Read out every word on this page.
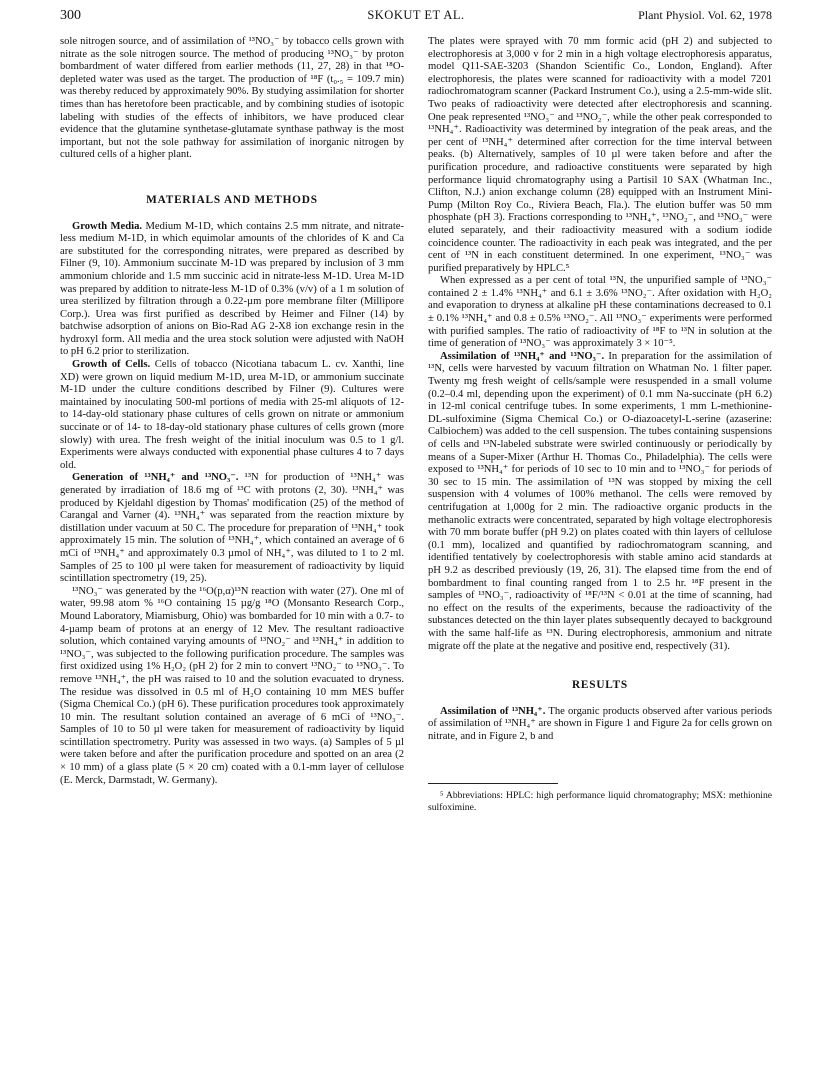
300	SKOKUT ET AL.	Plant Physiol. Vol. 62, 1978

sole nitrogen source, and of assimilation of ¹³NO₃⁻ by tobacco cells grown with nitrate as the sole nitrogen source. The method of producing ¹³NO₃⁻ by proton bombardment of water differed from earlier methods (11, 27, 28) in that ¹⁸O-depleted water was used as the target. The production of ¹⁸F (t₀.₅ = 109.7 min) was thereby reduced by approximately 90%. By studying assimilation for shorter times than has heretofore been practicable, and by combining studies of isotopic labeling with studies of the effects of inhibitors, we have produced clear evidence that the glutamine synthetase-glutamate synthase pathway is the most important, but not the sole pathway for assimilation of inorganic nitrogen by cultured cells of a higher plant.

MATERIALS AND METHODS

Growth Media. Medium M-1D, which contains 2.5 mm nitrate, and nitrate-less medium M-1D, in which equimolar amounts of the chlorides of K and Ca are substituted for the corresponding nitrates, were prepared as described by Filner (9, 10). Ammonium succinate M-1D was prepared by inclusion of 3 mm ammonium chloride and 1.5 mm succinic acid in nitrate-less M-1D. Urea M-1D was prepared by addition to nitrate-less M-1D of 0.3% (v/v) of a 1 m solution of urea sterilized by filtration through a 0.22-µm pore membrane filter (Millipore Corp.). Urea was first purified as described by Heimer and Filner (14) by batchwise adsorption of anions on Bio-Rad AG 2-X8 ion exchange resin in the hydroxyl form. All media and the urea stock solution were adjusted with NaOH to pH 6.2 prior to sterilization.

Growth of Cells. Cells of tobacco (Nicotiana tabacum L. cv. Xanthi, line XD) were grown on liquid medium M-1D, urea M-1D, or ammonium succinate M-1D under the culture conditions described by Filner (9). Cultures were maintained by inoculating 500-ml portions of media with 25-ml aliquots of 12- to 14-day-old stationary phase cultures of cells grown on nitrate or ammonium succinate or of 14- to 18-day-old stationary phase cultures of cells grown (more slowly) with urea. The fresh weight of the initial inoculum was 0.5 to 1 g/l. Experiments were always conducted with exponential phase cultures 4 to 7 days old.

Generation of ¹³NH₄⁺ and ¹³NO₃⁻. ¹³N for production of ¹³NH₄⁺ was generated by irradiation of 18.6 mg of ¹³C with protons (2, 30). ¹³NH₄⁺ was produced by Kjeldahl digestion by Thomas' modification (25) of the method of Carangal and Varner (4). ¹³NH₄⁺ was separated from the reaction mixture by distillation under vacuum at 50 C. The procedure for preparation of ¹³NH₄⁺ took approximately 15 min. The solution of ¹³NH₄⁺, which contained an average of 6 mCi of ¹³NH₄⁺ and approximately 0.3 µmol of NH₄⁺, was diluted to 1 to 2 ml. Samples of 25 to 100 µl were taken for measurement of radioactivity by liquid scintillation spectrometry (19, 25).

¹³NO₃⁻ was generated by the ¹⁶O(p,α)¹³N reaction with water (27). One ml of water, 99.98 atom % ¹⁶O containing 15 µg/g ¹⁸O (Monsanto Research Corp., Mound Laboratory, Miamisburg, Ohio) was bombarded for 10 min with a 0.7- to 4-µamp beam of protons at an energy of 12 Mev. The resultant radioactive solution, which contained varying amounts of ¹³NO₂⁻ and ¹³NH₄⁺ in addition to ¹³NO₃⁻, was subjected to the following purification procedure. The samples was first oxidized using 1% H₂O₂ (pH 2) for 2 min to convert ¹³NO₂⁻ to ¹³NO₃⁻. To remove ¹³NH₄⁺, the pH was raised to 10 and the solution evacuated to dryness. The residue was dissolved in 0.5 ml of H₂O containing 10 mm MES buffer (Sigma Chemical Co.) (pH 6). These purification procedures took approximately 10 min. The resultant solution contained an average of 6 mCi of ¹³NO₃⁻. Samples of 10 to 50 µl were taken for measurement of radioactivity by liquid scintillation spectrometry. Purity was assessed in two ways. (a) Samples of 5 µl were taken before and after the purification procedure and spotted on an area (2 × 10 mm) of a glass plate (5 × 20 cm) coated with a 0.1-mm layer of cellulose (E. Merck, Darmstadt, W. Germany).

The plates were sprayed with 70 mm formic acid (pH 2) and subjected to electrophoresis at 3,000 v for 2 min in a high voltage electrophoresis apparatus, model Q11-SAE-3203 (Shandon Scientific Co., London, England). After electrophoresis, the plates were scanned for radioactivity with a model 7201 radiochromatogram scanner (Packard Instrument Co.), using a 2.5-mm-wide slit. Two peaks of radioactivity were detected after electrophoresis and scanning. One peak represented ¹³NO₃⁻ and ¹³NO₂⁻, while the other peak corresponded to ¹³NH₄⁺. Radioactivity was determined by integration of the peak areas, and the per cent of ¹³NH₄⁺ determined after correction for the time interval between peaks. (b) Alternatively, samples of 10 µl were taken before and after the purification procedure, and radioactive constituents were separated by high performance liquid chromatography using a Partisil 10 SAX (Whatman Inc., Clifton, N.J.) anion exchange column (28) equipped with an Instrument Mini-Pump (Milton Roy Co., Riviera Beach, Fla.). The elution buffer was 50 mm phosphate (pH 3). Fractions corresponding to ¹³NH₄⁺, ¹³NO₂⁻, and ¹³NO₃⁻ were eluted separately, and their radioactivity measured with a sodium iodide coincidence counter. The radioactivity in each peak was integrated, and the per cent of ¹³N in each constituent determined. In one experiment, ¹³NO₃⁻ was purified preparatively by HPLC.⁵

When expressed as a per cent of total ¹³N, the unpurified sample of ¹³NO₃⁻ contained 2 ± 1.4% ¹³NH₄⁺ and 6.1 ± 3.6% ¹³NO₂⁻. After oxidation with H₂O₂ and evaporation to dryness at alkaline pH these contaminations decreased to 0.1 ± 0.1% ¹³NH₄⁺ and 0.8 ± 0.5% ¹³NO₂⁻. All ¹³NO₃⁻ experiments were performed with purified samples. The ratio of radioactivity of ¹⁸F to ¹³N in solution at the time of generation of ¹³NO₃⁻ was approximately 3 × 10⁻⁵.

Assimilation of ¹³NH₄⁺ and ¹³NO₃⁻. In preparation for the assimilation of ¹³N, cells were harvested by vacuum filtration on Whatman No. 1 filter paper. Twenty mg fresh weight of cells/sample were resuspended in a small volume (0.2–0.4 ml, depending upon the experiment) of 0.1 mm Na-succinate (pH 6.2) in 12-ml conical centrifuge tubes. In some experiments, 1 mm L-methionine-DL-sulfoximine (Sigma Chemical Co.) or O-diazoacetyl-L-serine (azaserine: Calbiochem) was added to the cell suspension. The tubes containing suspensions of cells and ¹³N-labeled substrate were swirled continuously or periodically by means of a Super-Mixer (Arthur H. Thomas Co., Philadelphia). The cells were exposed to ¹³NH₄⁺ for periods of 10 sec to 10 min and to ¹³NO₃⁻ for periods of 30 sec to 15 min. The assimilation of ¹³N was stopped by mixing the cell suspension with 4 volumes of 100% methanol. The cells were removed by centrifugation at 1,000g for 2 min. The radioactive organic products in the methanolic extracts were concentrated, separated by high voltage electrophoresis with 70 mm borate buffer (pH 9.2) on plates coated with thin layers of cellulose (0.1 mm), localized and quantified by radiochromatogram scanning, and identified tentatively by coelectrophoresis with stable amino acid standards at pH 9.2 as described previously (19, 26, 31). The elapsed time from the end of bombardment to final counting ranged from 1 to 2.5 hr. ¹⁸F present in the samples of ¹³NO₃⁻, radioactivity of ¹⁸F/¹³N < 0.01 at the time of scanning, had no effect on the results of the experiments, because the radioactivity of the substances detected on the thin layer plates subsequently decayed to background with the same half-life as ¹³N. During electrophoresis, ammonium and nitrate migrate off the plate at the negative and positive end, respectively (31).

RESULTS

Assimilation of ¹³NH₄⁺. The organic products observed after various periods of assimilation of ¹³NH₄⁺ are shown in Figure 1 and Figure 2a for cells grown on nitrate, and in Figure 2, b and

⁵ Abbreviations: HPLC: high performance liquid chromatography; MSX: methionine sulfoximine.
